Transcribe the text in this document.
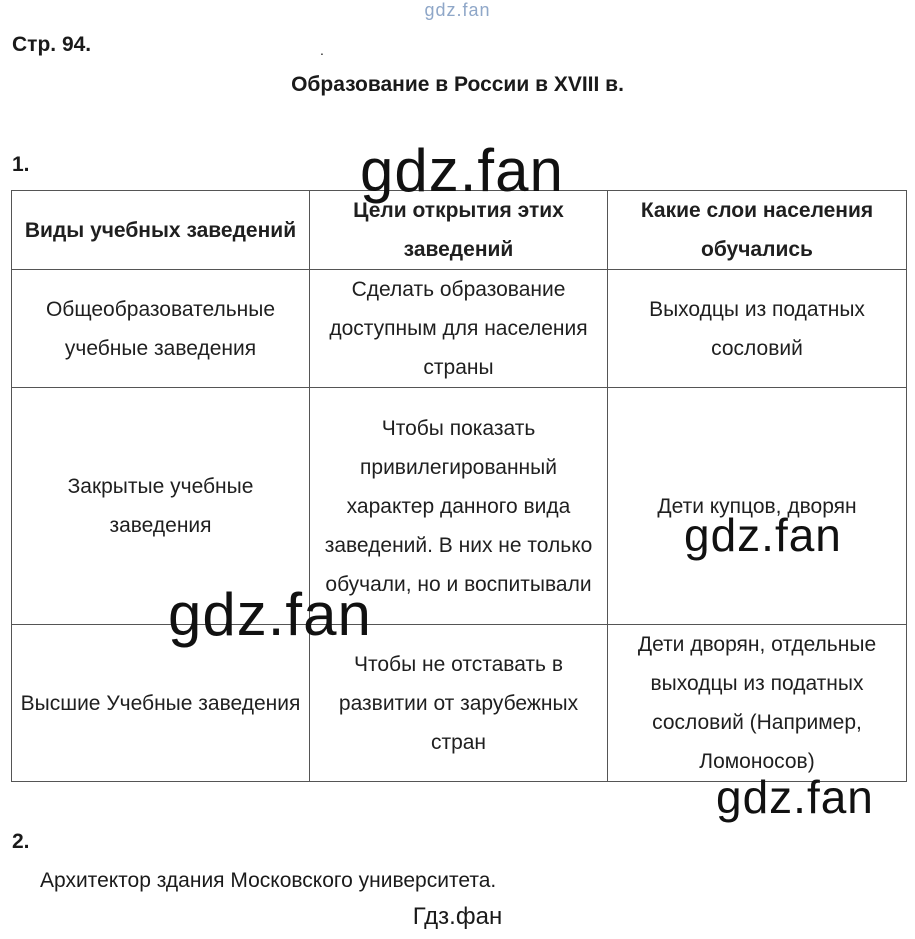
gdz.fan
Стр. 94.	.
Образование в России в XVIII в.
1.	gdz.fan
gdz.fan
gdz.fan
gdz.fan
Виды учебных заведений	Цели открытия этих заведений	Какие слои населения обучались
Общеобразовательные учебные заведения	Сделать образование доступным для населения страны	Выходцы из податных сословий
Закрытые учебные заведения	Чтобы показать привилегированный характер данного вида заведений. В них не только обучали, но и воспитывали	Дети купцов, дворян
Высшие Учебные заведения	Чтобы не отставать в развитии от зарубежных стран	Дети дворян, отдельные выходцы из податных сословий (Например, Ломоносов)
2.
Архитектор здания Московского университета.
Гдз.фан
